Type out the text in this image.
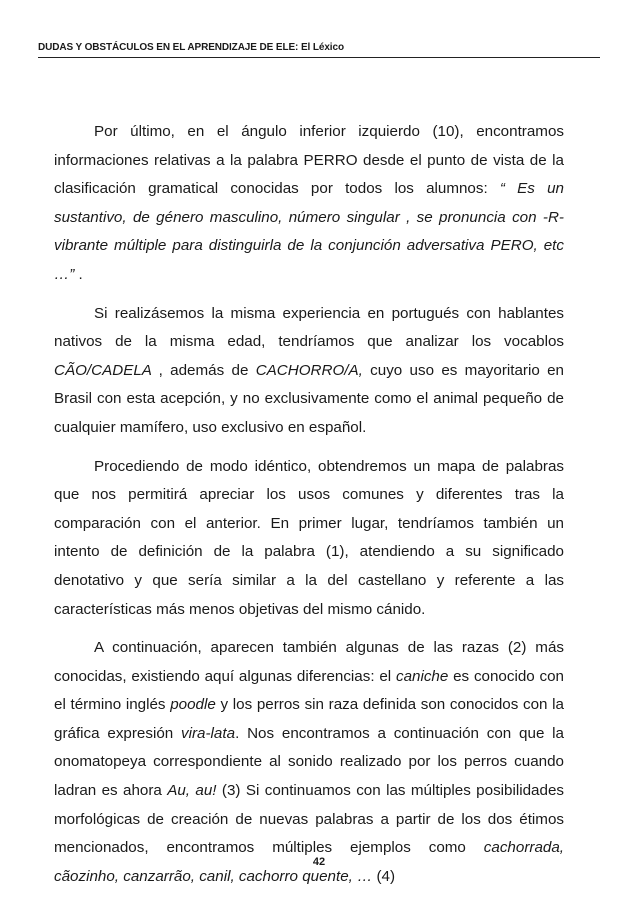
DUDAS Y OBSTÁCULOS EN EL APRENDIZAJE DE ELE: El Léxico

Por último, en el ángulo inferior izquierdo (10), encontramos informaciones relativas a la palabra PERRO desde el punto de vista de la clasificación gramatical conocidas por todos los alumnos: “ Es un sustantivo, de género masculino, número singular , se pronuncia con -R- vibrante múltiple para distinguirla de la conjunción adversativa PERO, etc …” .

Si realizásemos la misma experiencia en portugués con hablantes nativos de la misma edad, tendríamos que analizar los vocablos CÃO/CADELA , además de CACHORRO/A, cuyo uso es mayoritario en Brasil con esta acepción, y no exclusivamente como el animal pequeño de cualquier mamífero, uso exclusivo en español.

Procediendo de modo idéntico, obtendremos un mapa de palabras que nos permitirá apreciar los usos comunes y diferentes tras la comparación con el anterior. En primer lugar, tendríamos también un intento de definición de la palabra (1), atendiendo a su significado denotativo y que sería similar a la del castellano y referente a las características más menos objetivas del mismo cánido.

A continuación, aparecen también algunas de las razas (2) más conocidas, existiendo aquí algunas diferencias: el caniche es conocido con el término inglés poodle y los perros sin raza definida son conocidos con la gráfica expresión vira-lata. Nos encontramos a continuación con que la onomatopeya correspondiente al sonido realizado por los perros cuando ladran es ahora Au, au! (3) Si continuamos con las múltiples posibilidades morfológicas de creación de nuevas palabras a partir de los dos étimos mencionados, encontramos múltiples ejemplos como cachorrada, cãozinho, canzarrão, canil, cachorro quente, … (4)

42
